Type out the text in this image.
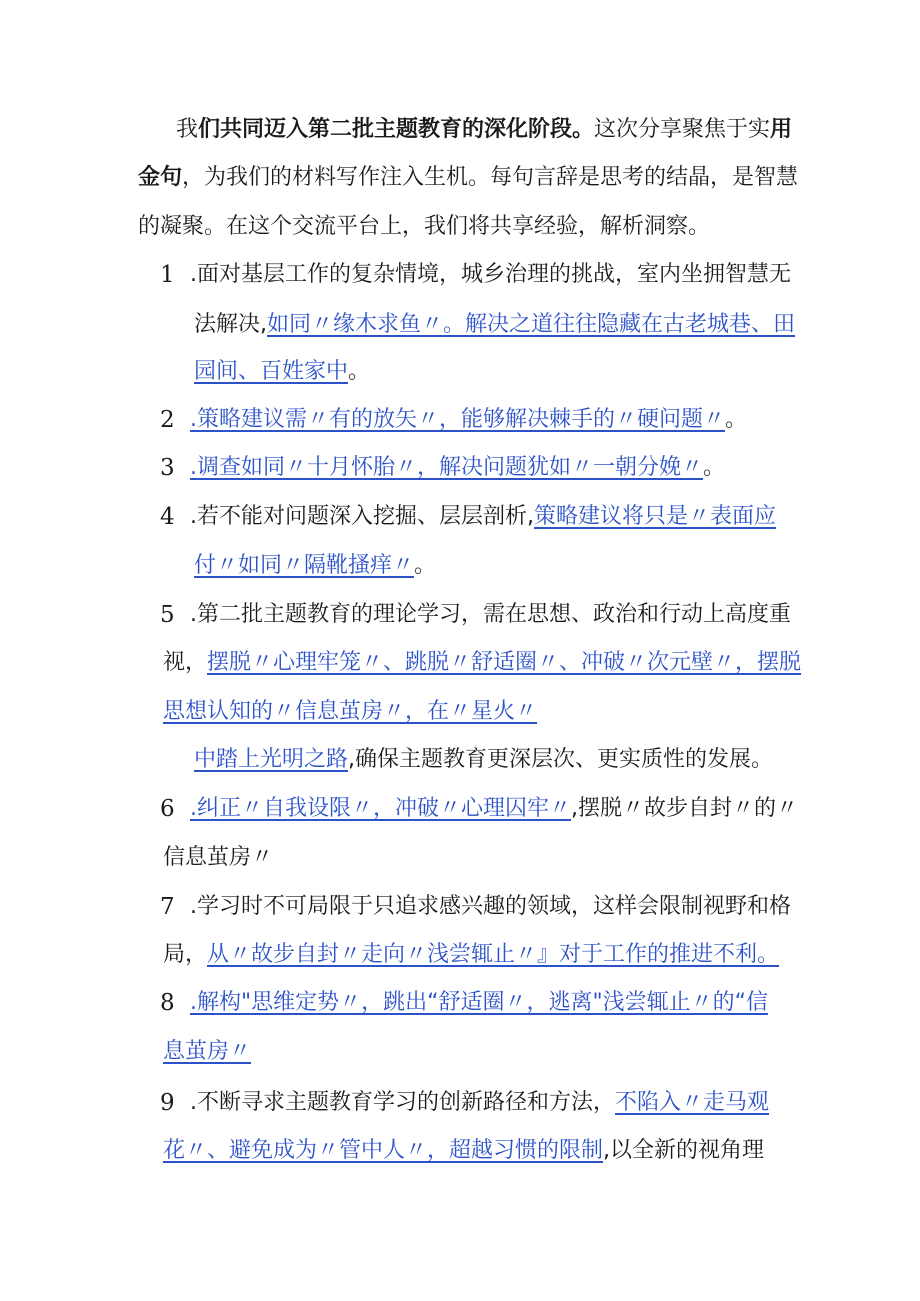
我们共同迈入第二批主题教育的深化阶段。这次分享聚焦于实用
金句，为我们的材料写作注入生机。每句言辞是思考的结晶，是智慧
的凝聚。在这个交流平台上，我们将共享经验，解析洞察。
1 .面对基层工作的复杂情境，城乡治理的挑战，室内坐拥智慧无
法解决,如同〃缘木求鱼〃。解决之道往往隐藏在古老城巷、田
园间、百姓家中。
2 .策略建议需〃有的放矢〃，能够解决棘手的〃硬问题〃。
3 .调查如同〃十月怀胎〃，解决问题犹如〃一朝分娩〃。
4 .若不能对问题深入挖掘、层层剖析,策略建议将只是〃表面应
付〃如同〃隔靴搔痒〃。
5 .第二批主题教育的理论学习，需在思想、政治和行动上高度重
视，摆脱〃心理牢笼〃、跳脱〃舒适圈〃、冲破〃次元壁〃，摆脱
思想认知的〃信息茧房〃，在〃星火〃
中踏上光明之路,确保主题教育更深层次、更实质性的发展。
6 .纠正〃自我设限〃，冲破〃心理囚牢〃,摆脱〃故步自封〃的〃
信息茧房〃
7 .学习时不可局限于只追求感兴趣的领域，这样会限制视野和格
局，从〃故步自封〃走向〃浅尝辄止〃』对于工作的推进不利。
8 .解构"思维定势〃，跳出“舒适圈〃，逃离"浅尝辄止〃的“信
息茧房〃
9 .不断寻求主题教育学习的创新路径和方法，不陷入〃走马观
花〃、避免成为〃管中人〃，超越习惯的限制,以全新的视角理
